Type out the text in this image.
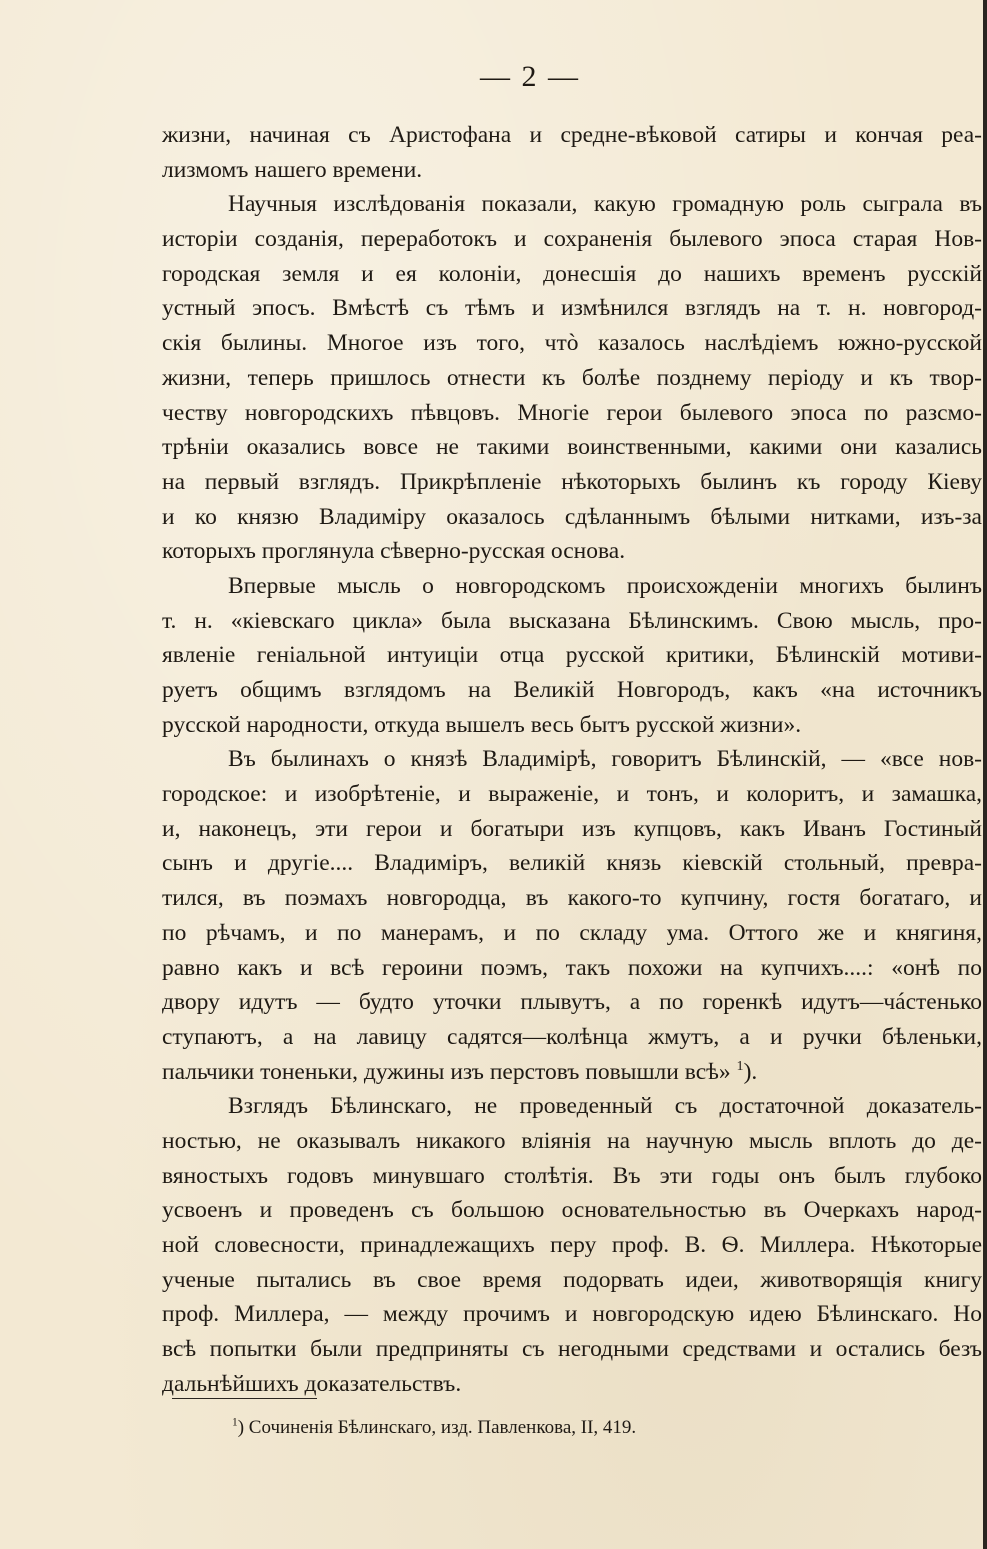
— 2 —
жизни, начиная съ Аристофана и средне-вѣковой сатиры и кончая реа-
лизмомъ нашего времени.
Научныя изслѣдованія показали, какую громадную роль сыграла въ
исторіи созданія, переработокъ и сохраненія былевого эпоса старая Нов-
городская земля и ея колоніи, донесшія до нашихъ временъ русскій
устный эпосъ. Вмѣстѣ съ тѣмъ и измѣнился взглядъ на т. н. новгород-
скія былины. Многое изъ того, чтò казалось наслѣдіемъ южно-русской
жизни, теперь пришлось отнести къ болѣе позднему періоду и къ твор-
честву новгородскихъ пѣвцовъ. Многіе герои былевого эпоса по разсмо-
трѣніи оказались вовсе не такими воинственными, какими они казались
на первый взглядъ. Прикрѣпленіе нѣкоторыхъ былинъ къ городу Кіеву
и ко князю Владиміру оказалось сдѣланнымъ бѣлыми нитками, изъ-за
которыхъ проглянула сѣверно-русская основа.
Впервые мысль о новгородскомъ происхожденіи многихъ былинъ
т. н. «кіевскаго цикла» была высказана Бѣлинскимъ. Свою мысль, про-
явленіе геніальной интуиціи отца русской критики, Бѣлинскій мотиви-
руетъ общимъ взглядомъ на Великій Новгородъ, какъ «на источникъ
русской народности, откуда вышелъ весь бытъ русской жизни».
Въ былинахъ о князѣ Владимірѣ, говоритъ Бѣлинскій, — «все нов-
городское: и изобрѣтеніе, и выраженіе, и тонъ, и колоритъ, и замашка,
и, наконецъ, эти герои и богатыри изъ купцовъ, какъ Иванъ Гостиный
сынъ и другіе.... Владиміръ, великій князь кіевскій стольный, превра-
тился, въ поэмахъ новгородца, въ какого-то купчину, гостя богатаго, и
по рѣчамъ, и по манерамъ, и по складу ума. Оттого же и княгиня,
равно какъ и всѣ героини поэмъ, такъ похожи на купчихъ....: «онѣ по
двору идутъ — будто уточки плывутъ, а по горенкѣ идутъ—чáстенько
ступаютъ, а на лавицу садятся—колѣнца жмутъ, а и ручки бѣленьки,
пальчики тоненьки, дужины изъ перстовъ повышли всѣ» $^1$).
Взглядъ Бѣлинскаго, не проведенный съ достаточной доказатель-
ностью, не оказывалъ никакого вліянія на научную мысль вплоть до де-
вяностыхъ годовъ минувшаго столѣтія. Въ эти годы онъ былъ глубоко
усвоенъ и проведенъ съ большою основательностью въ Очеркахъ народ-
ной словесности, принадлежащихъ перу проф. В. Ѳ. Миллера. Нѣкоторые
ученые пытались въ свое время подорвать идеи, животворящія книгу
проф. Миллера, — между прочимъ и новгородскую идею Бѣлинскаго. Но
всѣ попытки были предприняты съ негодными средствами и остались безъ
дальнѣйшихъ доказательствъ.
$^1$) Сочиненія Бѣлинскаго, изд. Павленкова, II, 419.
